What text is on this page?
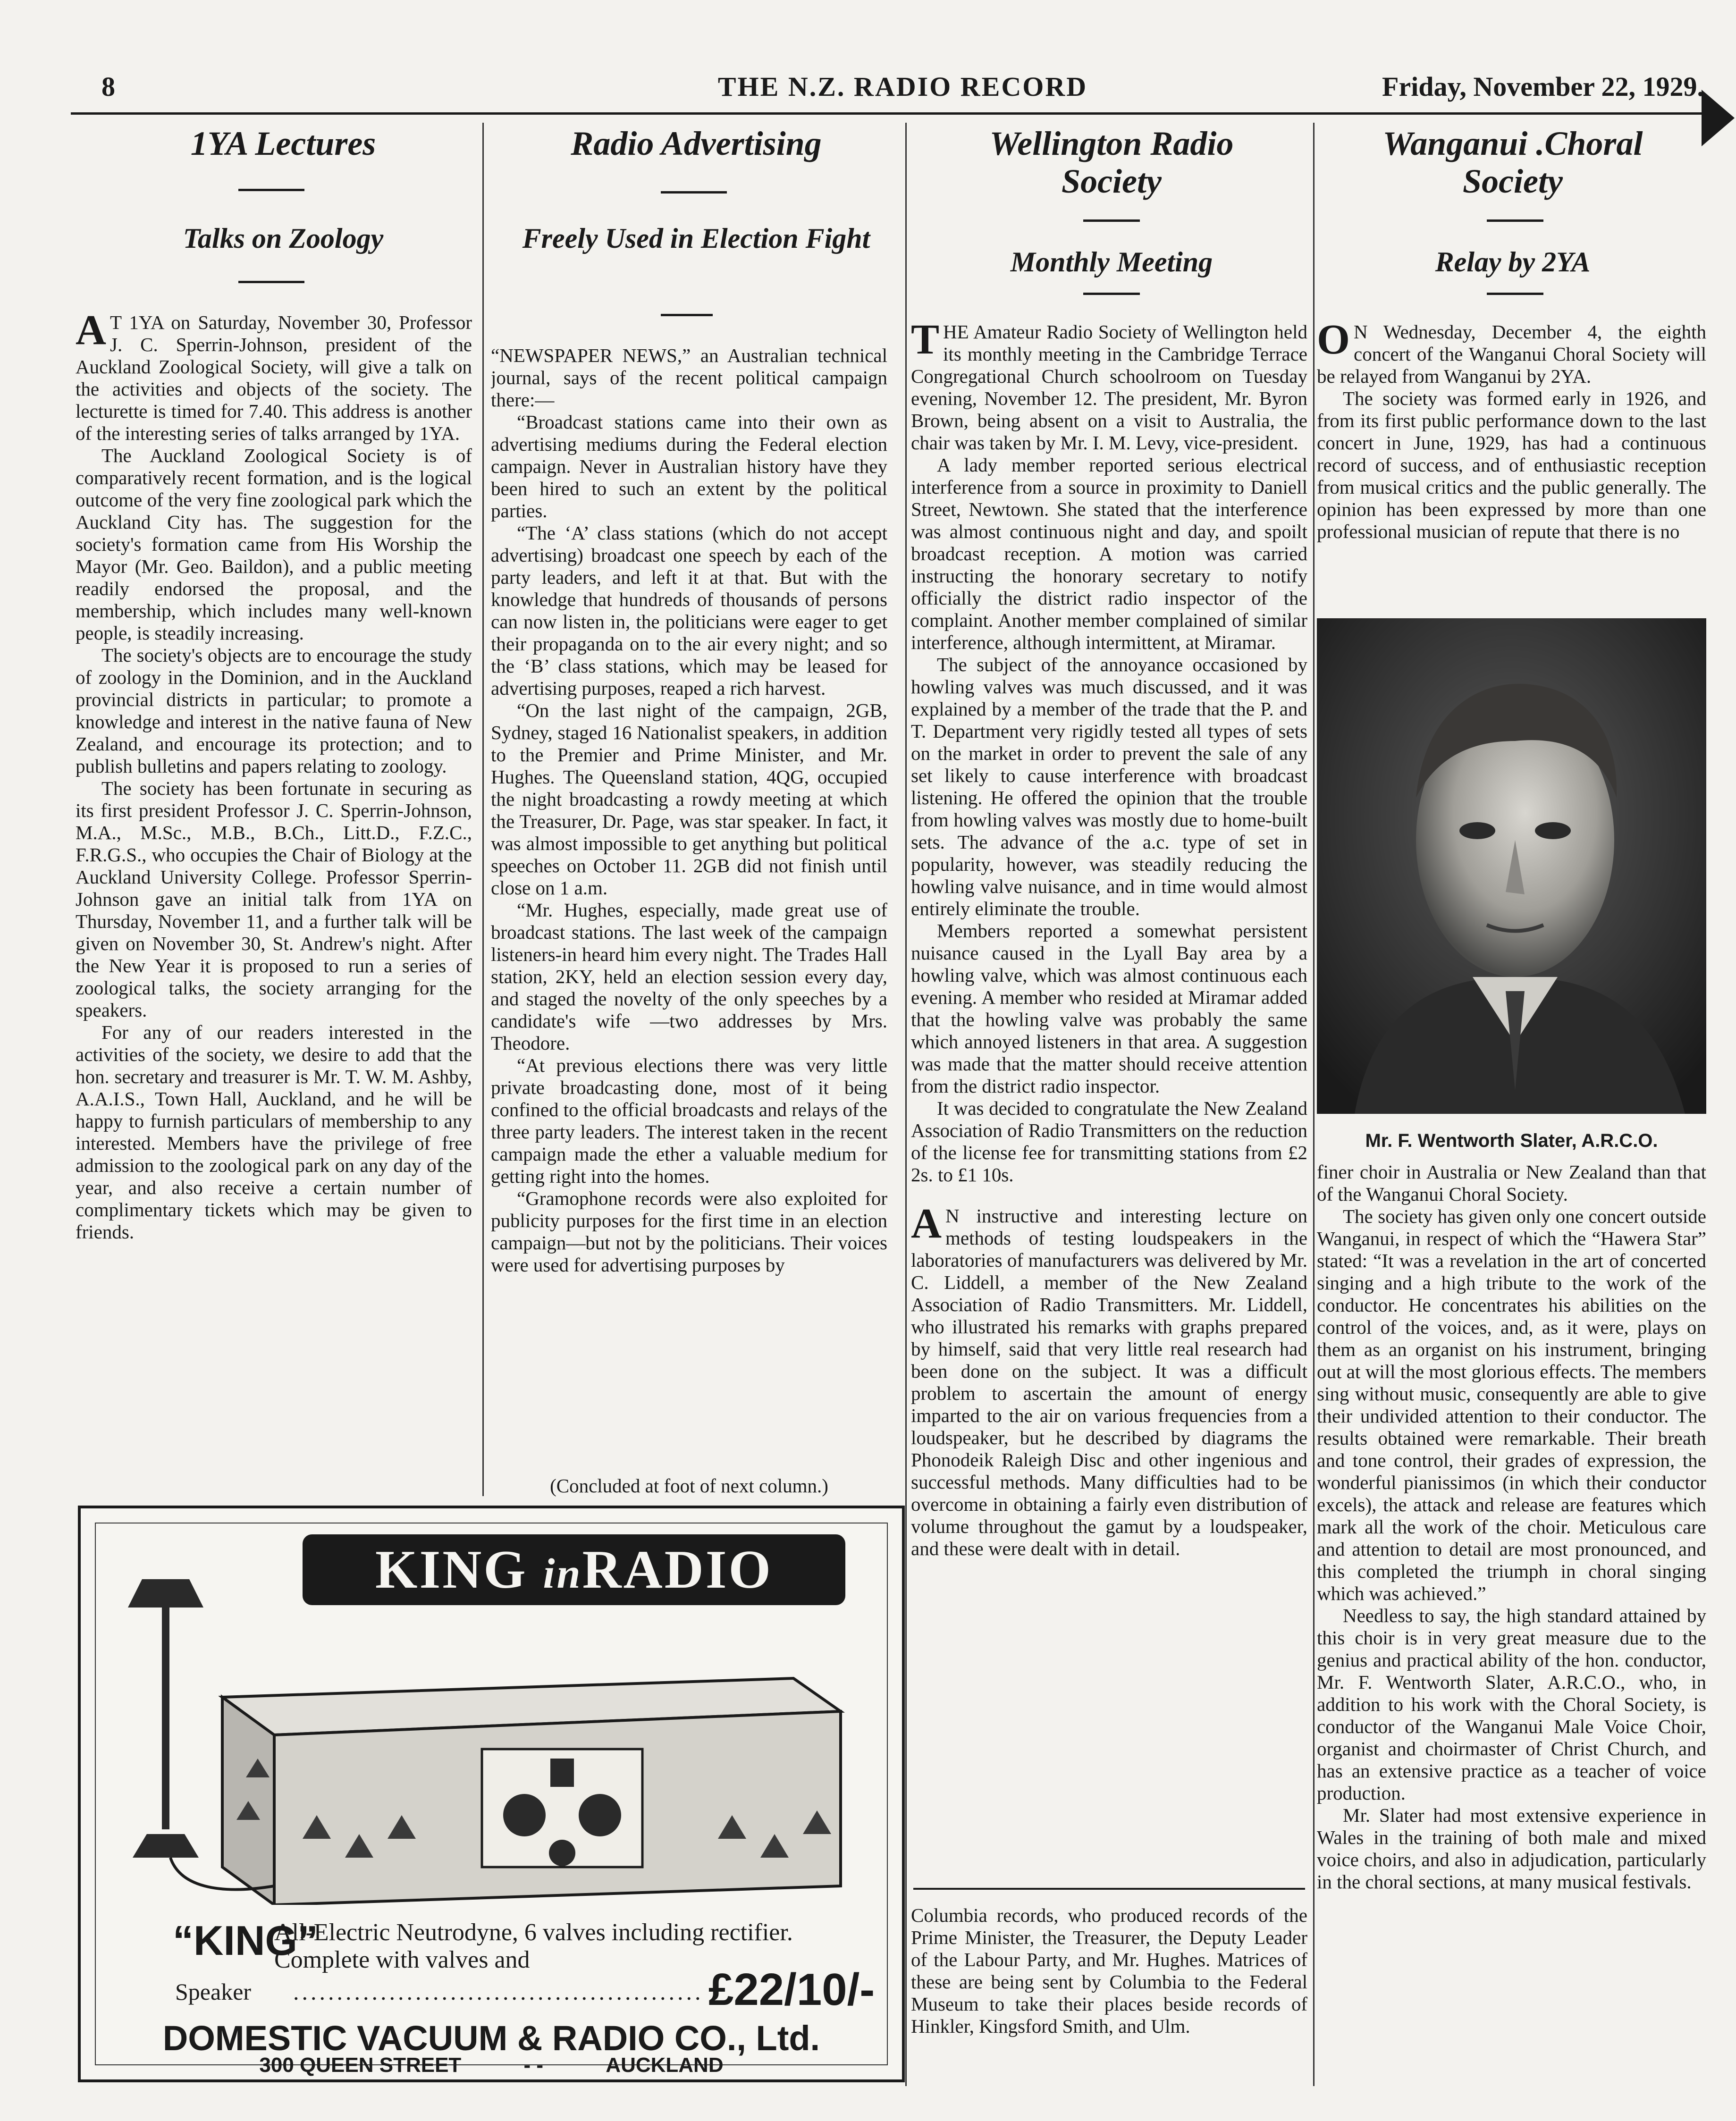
8	THE N.Z. RADIO RECORD	Friday, November 22, 1929.
1YA Lectures
Talks on Zoology

A T 1YA on Saturday, November 30, Professor J. C. Sperrin-Johnson, president of the Auckland Zoological Society, will give a talk on the activities and objects of the society. The lecturette is timed for 7.40. This address is another of the interesting series of talks arranged by 1YA.

The Auckland Zoological Society is of comparatively recent formation, and is the logical outcome of the very fine zoological park which the Auckland City has. The suggestion for the society's formation came from His Worship the Mayor (Mr. Geo. Baildon), and a public meeting readily endorsed the proposal, and the membership, which includes many well-known people, is steadily increasing.

The society's objects are to encourage the study of zoology in the Dominion, and in the Auckland provincial districts in particular; to promote a knowledge and interest in the native fauna of New Zealand, and encourage its protection; and to publish bulletins and papers relating to zoology.

The society has been fortunate in securing as its first president Professor J. C. Sperrin-Johnson, M.A., M.Sc., M.B., B.Ch., Litt.D., F.Z.C., F.R.G.S., who occupies the Chair of Biology at the Auckland University College. Professor Sperrin-Johnson gave an initial talk from 1YA on Thursday, November 11, and a further talk will be given on November 30, St. Andrew's night. After the New Year it is proposed to run a series of zoological talks, the society arranging for the speakers.

For any of our readers interested in the activities of the society, we desire to add that the hon. secretary and treasurer is Mr. T. W. M. Ashby, A.A.I.S., Town Hall, Auckland, and he will be happy to furnish particulars of membership to any interested. Members have the privilege of free admission to the zoological park on any day of the year, and also receive a certain number of complimentary tickets which may be given to friends.

Radio Advertising
Freely Used in Election Fight

“NEWSPAPER NEWS,” an Australian technical journal, says of the recent political campaign there:—

“Broadcast stations came into their own as advertising mediums during the Federal election campaign. Never in Australian history have they been hired to such an extent by the political parties.

“The ‘A’ class stations (which do not accept advertising) broadcast one speech by each of the party leaders, and left it at that. But with the knowledge that hundreds of thousands of persons can now listen in, the politicians were eager to get their propaganda on to the air every night; and so the ‘B’ class stations, which may be leased for advertising purposes, reaped a rich harvest.

“On the last night of the campaign, 2GB, Sydney, staged 16 Nationalist speakers, in addition to the Premier and Prime Minister, and Mr. Hughes. The Queensland station, 4QG, occupied the night broadcasting a rowdy meeting at which the Treasurer, Dr. Page, was star speaker. In fact, it was almost impossible to get anything but political speeches on October 11. 2GB did not finish until close on 1 a.m.

“Mr. Hughes, especially, made great use of broadcast stations. The last week of the campaign listeners-in heard him every night. The Trades Hall station, 2KY, held an election session every day, and staged the novelty of the only speeches by a candidate's wife —two addresses by Mrs. Theodore.

“At previous elections there was very little private broadcasting done, most of it being confined to the official broadcasts and relays of the three party leaders. The interest taken in the recent campaign made the ether a valuable medium for getting right into the homes.

“Gramophone records were also exploited for publicity purposes for the first time in an election campaign—but not by the politicians. Their voices were used for advertising purposes by

(Concluded at foot of next column.)
Wellington Radio
Society
Monthly Meeting

THE Amateur Radio Society of Wellington held its monthly meeting in the Cambridge Terrace Congregational Church schoolroom on Tuesday evening, November 12. The president, Mr. Byron Brown, being absent on a visit to Australia, the chair was taken by Mr. I. M. Levy, vice-president.

A lady member reported serious electrical interference from a source in proximity to Daniell Street, Newtown. She stated that the interference was almost continuous night and day, and spoilt broadcast reception. A motion was carried instructing the honorary secretary to notify officially the district radio inspector of the complaint. Another member complained of similar interference, although intermittent, at Miramar.

The subject of the annoyance occasioned by howling valves was much discussed, and it was explained by a member of the trade that the P. and T. Department very rigidly tested all types of sets on the market in order to prevent the sale of any set likely to cause interference with broadcast listening. He offered the opinion that the trouble from howling valves was mostly due to home-built sets. The advance of the a.c. type of set in popularity, however, was steadily reducing the howling valve nuisance, and in time would almost entirely eliminate the trouble.

Members reported a somewhat persistent nuisance caused in the Lyall Bay area by a howling valve, which was almost continuous each evening. A member who resided at Miramar added that the howling valve was probably the same which annoyed listeners in that area. A suggestion was made that the matter should receive attention from the district radio inspector.

It was decided to congratulate the New Zealand Association of Radio Transmitters on the reduction of the license fee for transmitting stations from £2 2s. to £1 10s.

A N instructive and interesting lecture on methods of testing loudspeakers in the laboratories of manufacturers was delivered by Mr. C. Liddell, a member of the New Zealand Association of Radio Transmitters. Mr. Liddell, who illustrated his remarks with graphs prepared by himself, said that very little real research had been done on the subject. It was a difficult problem to ascertain the amount of energy imparted to the air on various frequencies from a loudspeaker, but he described by diagrams the Phonodeik Raleigh Disc and other ingenious and successful methods. Many difficulties had to be overcome in obtaining a fairly even distribution of volume throughout the gamut by a loudspeaker, and these were dealt with in detail.

Columbia records, who produced records of the Prime Minister, the Treasurer, the Deputy Leader of the Labour Party, and Mr. Hughes. Matrices of these are being sent by Columbia to the Federal Museum to take their places beside records of Hinkler, Kingsford Smith, and Ulm.

Wanganui .Choral
Society
Relay by 2YA

O N Wednesday, December 4, the eighth concert of the Wanganui Choral Society will be relayed from Wanganui by 2YA.

The society was formed early in 1926, and from its first public performance down to the last concert in June, 1929, has had a continuous record of success, and of enthusiastic reception from musical critics and the public generally. The opinion has been expressed by more than one professional musician of repute that there is no

Mr. F. Wentworth Slater, A.R.C.O.

finer choir in Australia or New Zealand than that of the Wanganui Choral Society.

The society has given only one concert outside Wanganui, in respect of which the “Hawera Star” stated: “It was a revelation in the art of concerted singing and a high tribute to the work of the conductor. He concentrates his abilities on the control of the voices, and, as it were, plays on them as an organist on his instrument, bringing out at will the most glorious effects. The members sing without music, consequently are able to give their undivided attention to their conductor. The results obtained were remarkable. Their breath and tone control, their grades of expression, the wonderful pianissimos (in which their conductor excels), the attack and release are features which mark all the work of the choir. Meticulous care and attention to detail are most pronounced, and this completed the triumph in choral singing which was achieved.”

Needless to say, the high standard attained by this choir is in very great measure due to the genius and practical ability of the hon. conductor, Mr. F. Wentworth Slater, A.R.C.O., who, in addition to his work with the Choral Society, is conductor of the Wanganui Male Voice Choir, organist and choirmaster of Christ Church, and has an extensive practice as a teacher of voice production.

Mr. Slater had most extensive experience in Wales in the training of both male and mixed voice choirs, and also in adjudication, particularly in the choral sections, at many musical festivals.

KING inRADIO
“KING”
All-Electric Neutrodyne, 6 valves including rectifier. Complete with valves and
Speaker ............................................... £22/10/-
DOMESTIC VACUUM & RADIO CO., Ltd.
300 QUEEN STREET	- -	AUCKLAND
